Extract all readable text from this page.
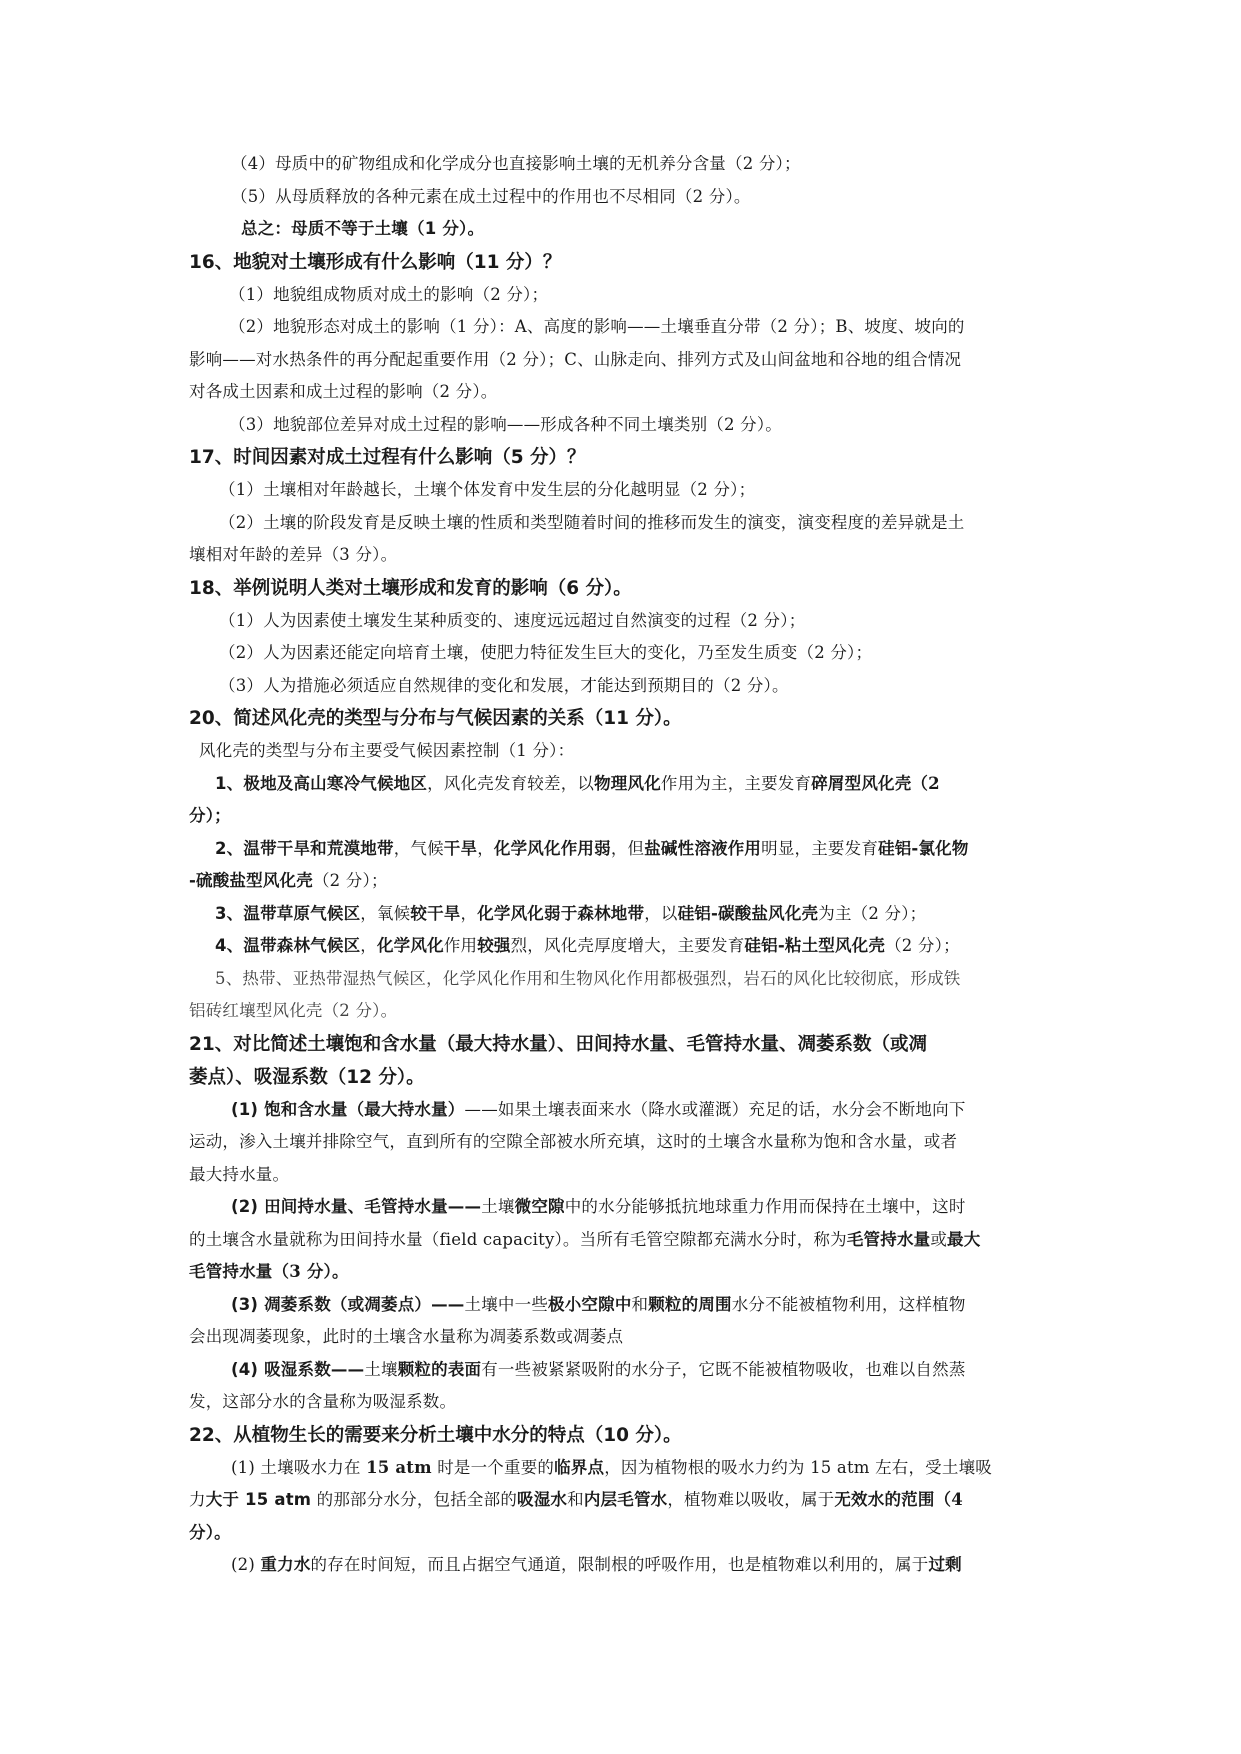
（4）母质中的矿物组成和化学成分也直接影响土壤的无机养分含量（2 分）；
（5）从母质释放的各种元素在成土过程中的作用也不尽相同（2 分）。
总之：母质不等于土壤（1 分）。
16、地貌对土壤形成有什么影响（11 分）？
（1）地貌组成物质对成土的影响（2 分）；
（2）地貌形态对成土的影响（1 分）：A、高度的影响——土壤垂直分带（2 分）；B、坡度、坡向的
影响——对水热条件的再分配起重要作用（2 分）；C、山脉走向、排列方式及山间盆地和谷地的组合情况
对各成土因素和成土过程的影响（2 分）。
（3）地貌部位差异对成土过程的影响——形成各种不同土壤类别（2 分）。
17、时间因素对成土过程有什么影响（5 分）？
（1）土壤相对年龄越长，土壤个体发育中发生层的分化越明显（2 分）；
（2）土壤的阶段发育是反映土壤的性质和类型随着时间的推移而发生的演变，演变程度的差异就是土
壤相对年龄的差异（3 分）。
18、举例说明人类对土壤形成和发育的影响（6 分）。
（1）人为因素使土壤发生某种质变的、速度远远超过自然演变的过程（2 分）；
（2）人为因素还能定向培育土壤，使肥力特征发生巨大的变化，乃至发生质变（2 分）；
（3）人为措施必须适应自然规律的变化和发展，才能达到预期目的（2 分）。
20、简述风化壳的类型与分布与气候因素的关系（11 分）。
风化壳的类型与分布主要受气候因素控制（1 分）：
1、极地及高山寒冷气候地区，风化壳发育较差，以物理风化作用为主，主要发育碎屑型风化壳（2
分）；
2、温带干旱和荒漠地带，气候干旱，化学风化作用弱，但盐碱性溶液作用明显，主要发育硅铝-氯化物
-硫酸盐型风化壳（2 分）；
3、温带草原气候区，氧候较干旱，化学风化弱于森林地带，以硅铝-碳酸盐风化壳为主（2 分）；
4、温带森林气候区，化学风化作用较强烈，风化壳厚度增大，主要发育硅铝-粘土型风化壳（2 分）；
5、热带、亚热带湿热气候区，化学风化作用和生物风化作用都极强烈，岩石的风化比较彻底，形成铁
铝砖红壤型风化壳（2 分）。
21、对比简述土壤饱和含水量（最大持水量）、田间持水量、毛管持水量、凋萎系数（或凋
萎点）、吸湿系数（12 分）。
(1) 饱和含水量（最大持水量）——如果土壤表面来水（降水或灌溉）充足的话，水分会不断地向下
运动，渗入土壤并排除空气，直到所有的空隙全部被水所充填，这时的土壤含水量称为饱和含水量，或者
最大持水量。
(2) 田间持水量、毛管持水量——土壤微空隙中的水分能够抵抗地球重力作用而保持在土壤中，这时
的土壤含水量就称为田间持水量（field capacity）。当所有毛管空隙都充满水分时，称为毛管持水量或最大
毛管持水量（3 分）。
(3) 凋萎系数（或凋萎点）——土壤中一些极小空隙中和颗粒的周围水分不能被植物利用，这样植物
会出现凋萎现象，此时的土壤含水量称为凋萎系数或凋萎点
(4) 吸湿系数——土壤颗粒的表面有一些被紧紧吸附的水分子，它既不能被植物吸收，也难以自然蒸
发，这部分水的含量称为吸湿系数。
22、从植物生长的需要来分析土壤中水分的特点（10 分）。
(1) 土壤吸水力在 15 atm 时是一个重要的临界点，因为植物根的吸水力约为 15 atm 左右，受土壤吸
力大于 15 atm 的那部分水分，包括全部的吸湿水和内层毛管水，植物难以吸收，属于无效水的范围（4
分）。
(2) 重力水的存在时间短，而且占据空气通道，限制根的呼吸作用，也是植物难以利用的，属于过剩
